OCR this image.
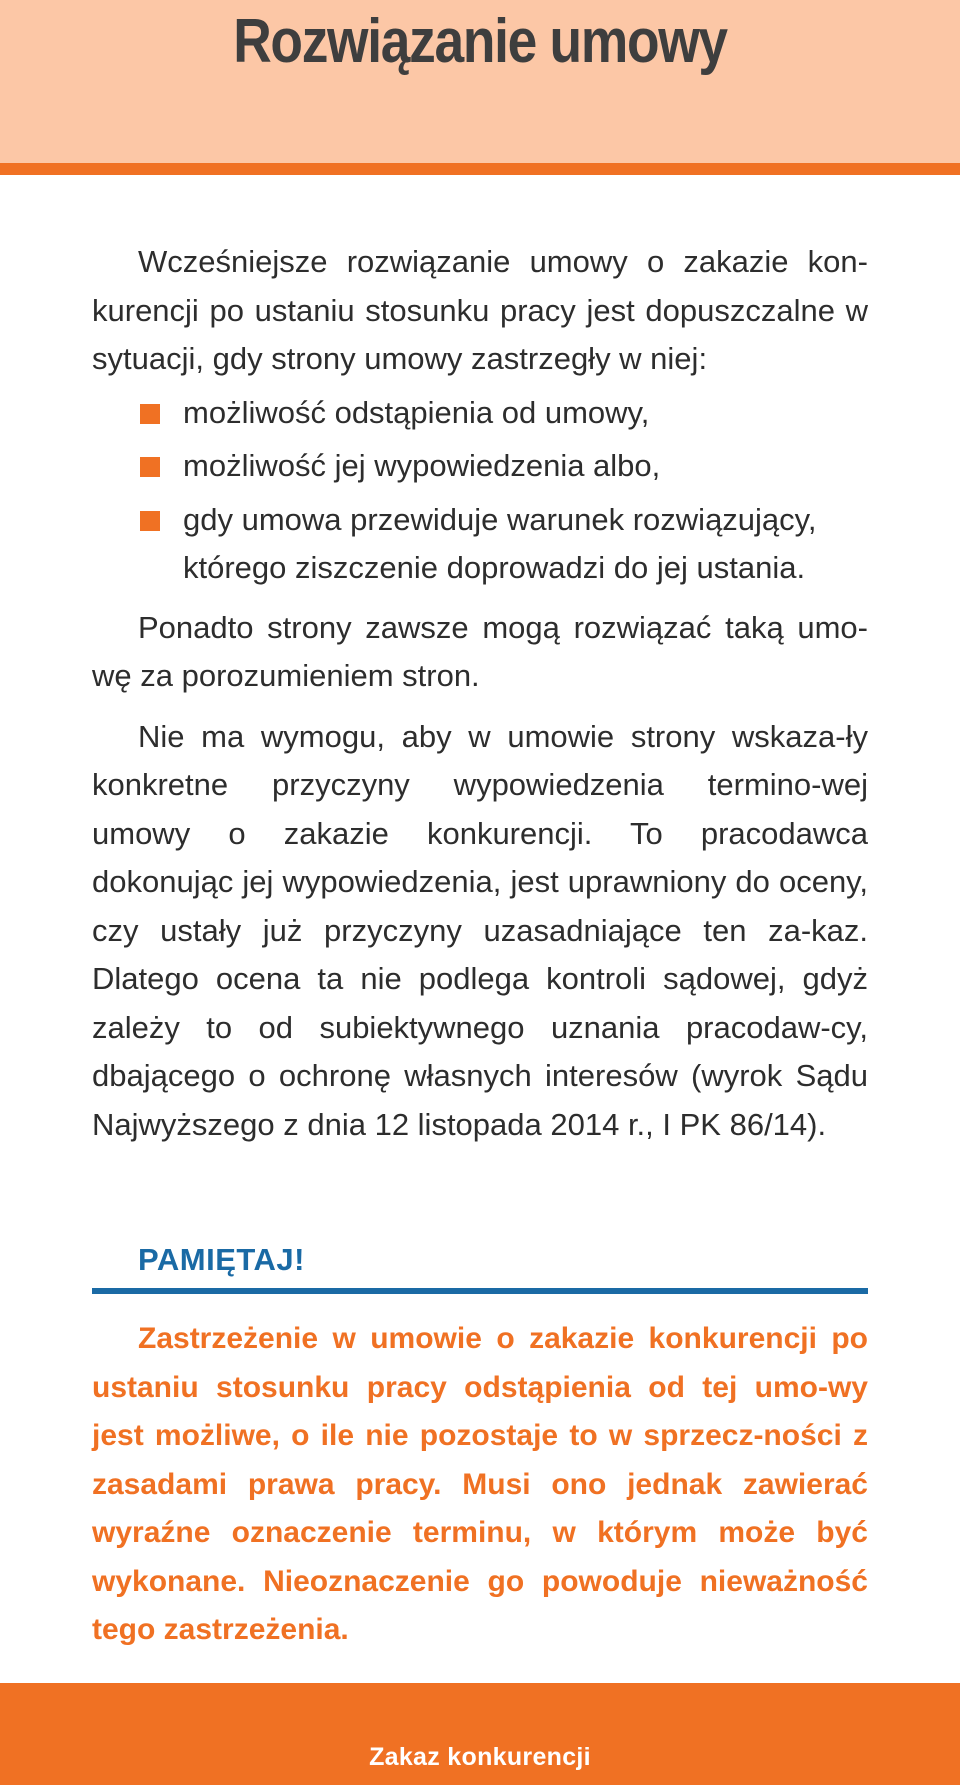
Rozwiązanie umowy

Wcześniejsze rozwiązanie umowy o zakazie kon-kurencji po ustaniu stosunku pracy jest dopuszczalne w sytuacji, gdy strony umowy zastrzegły w niej:

możliwość odstąpienia od umowy,
możliwość jej wypowiedzenia albo,
gdy umowa przewiduje warunek rozwiązujący, którego ziszczenie doprowadzi do jej ustania.

Ponadto strony zawsze mogą rozwiązać taką umo-wę za porozumieniem stron.

Nie ma wymogu, aby w umowie strony wskaza-ły konkretne przyczyny wypowiedzenia termino-wej umowy o zakazie konkurencji. To pracodawca dokonując jej wypowiedzenia, jest uprawniony do oceny, czy ustały już przyczyny uzasadniające ten za-kaz. Dlatego ocena ta nie podlega kontroli sądowej, gdyż zależy to od subiektywnego uznania pracodaw-cy, dbającego o ochronę własnych interesów (wyrok Sądu Najwyższego z dnia 12 listopada 2014 r., I PK 86/14).

PAMIĘTAJ!

Zastrzeżenie w umowie o zakazie konkurencji po ustaniu stosunku pracy odstąpienia od tej umo-wy jest możliwe, o ile nie pozostaje to w sprzecz-ności z zasadami prawa pracy. Musi ono jednak zawierać wyraźne oznaczenie terminu, w którym może być wykonane. Nieoznaczenie go powoduje nieważność tego zastrzeżenia.

Zakaz konkurencji
